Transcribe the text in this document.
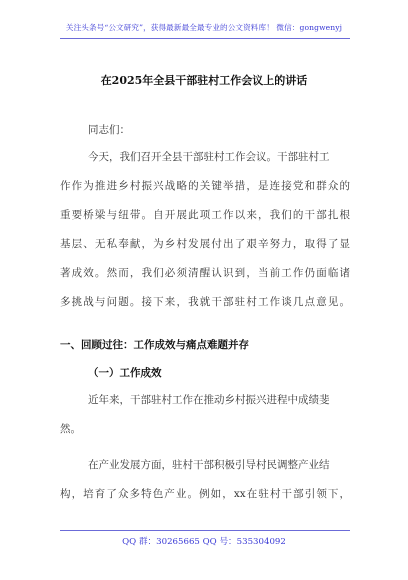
关注头条号“公文研究”，获得最新最全最专业的公文资料库！ 微信：gongwenyj
在2025年全县干部驻村工作会议上的讲话
同志们：
今天，我们召开全县干部驻村工作会议。干部驻村工
作作为推进乡村振兴战略的关键举措，是连接党和群众的
重要桥梁与纽带。自开展此项工作以来，我们的干部扎根
基层、无私奉献，为乡村发展付出了艰辛努力，取得了显
著成效。然而，我们必须清醒认识到，当前工作仍面临诸
多挑战与问题。接下来，我就干部驻村工作谈几点意见。
一、回顾过往：工作成效与痛点难题并存
（一）工作成效
近年来，干部驻村工作在推动乡村振兴进程中成绩斐
然。
在产业发展方面，驻村干部积极引导村民调整产业结
构，培育了众多特色产业。例如，xx在驻村干部引领下，
QQ 群：30265665 QQ 号：535304092
